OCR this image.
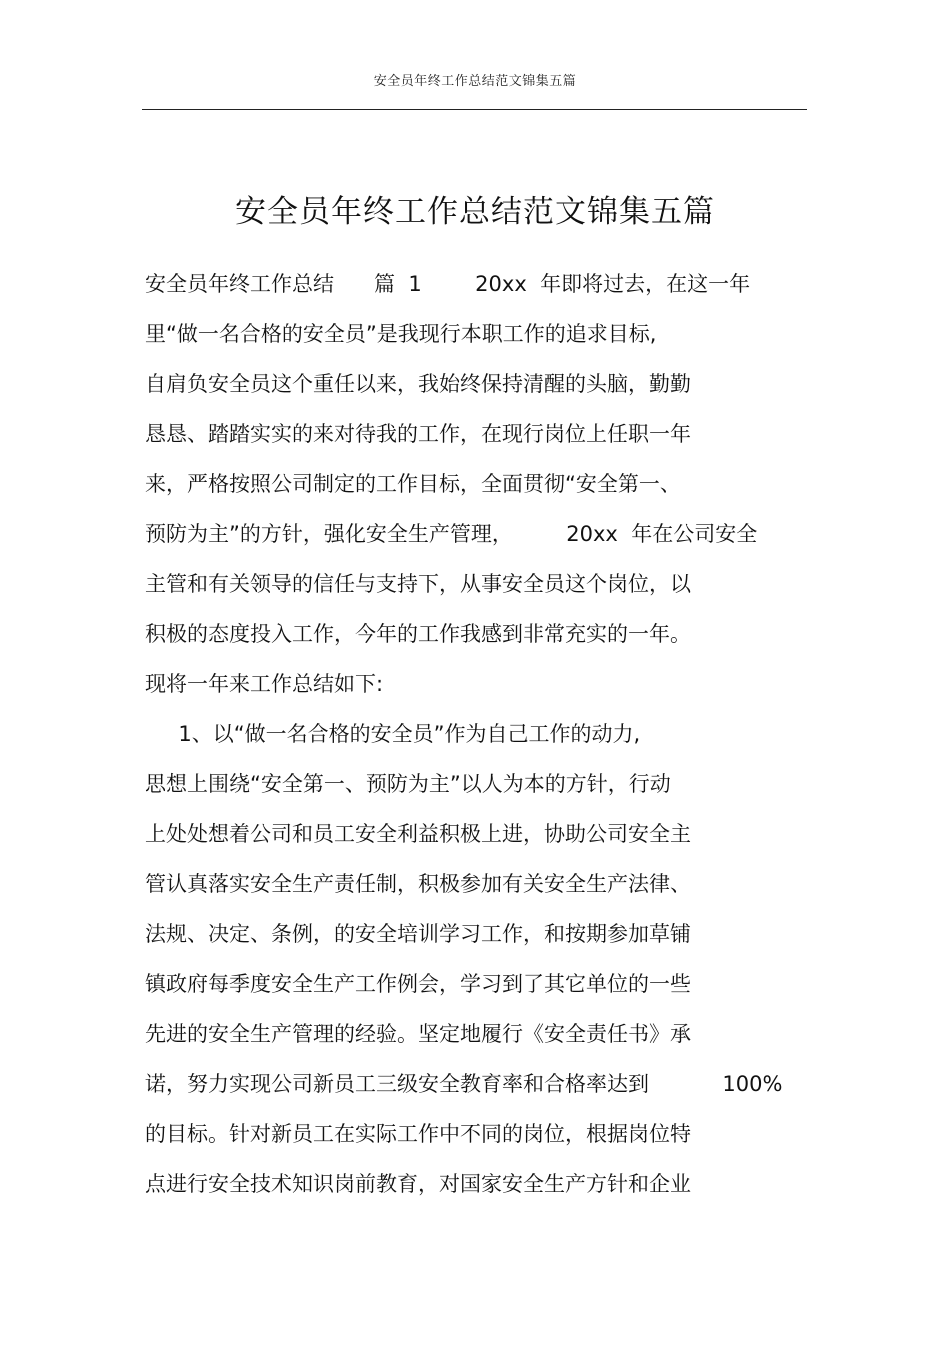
安全员年终工作总结范文锦集五篇
安全员年终工作总结范文锦集五篇
安全员年终工作总结      篇  1        20xx  年即将过去，在这一年
里“做一名合格的安全员”是我现行本职工作的追求目标,
自肩负安全员这个重任以来，我始终保持清醒的头脑，勤勤
恳恳、踏踏实实的来对待我的工作，在现行岗位上任职一年
来，严格按照公司制定的工作目标，全面贯彻“安全第一、
预防为主”的方针，强化安全生产管理，        20xx  年在公司安全
主管和有关领导的信任与支持下，从事安全员这个岗位，以
积极的态度投入工作，今年的工作我感到非常充实的一年。
现将一年来工作总结如下:
1、以“做一名合格的安全员”作为自己工作的动力,
思想上围绕“安全第一、预防为主”以人为本的方针，行动
上处处想着公司和员工安全利益积极上进，协助公司安全主
管认真落实安全生产责任制，积极参加有关安全生产法律、
法规、决定、条例，的安全培训学习工作，和按期参加草铺
镇政府每季度安全生产工作例会，学习到了其它单位的一些
先进的安全生产管理的经验。坚定地履行《安全责任书》承
诺，努力实现公司新员工三级安全教育率和合格率达到           100%
的目标。针对新员工在实际工作中不同的岗位，根据岗位特
点进行安全技术知识岗前教育，对国家安全生产方针和企业
